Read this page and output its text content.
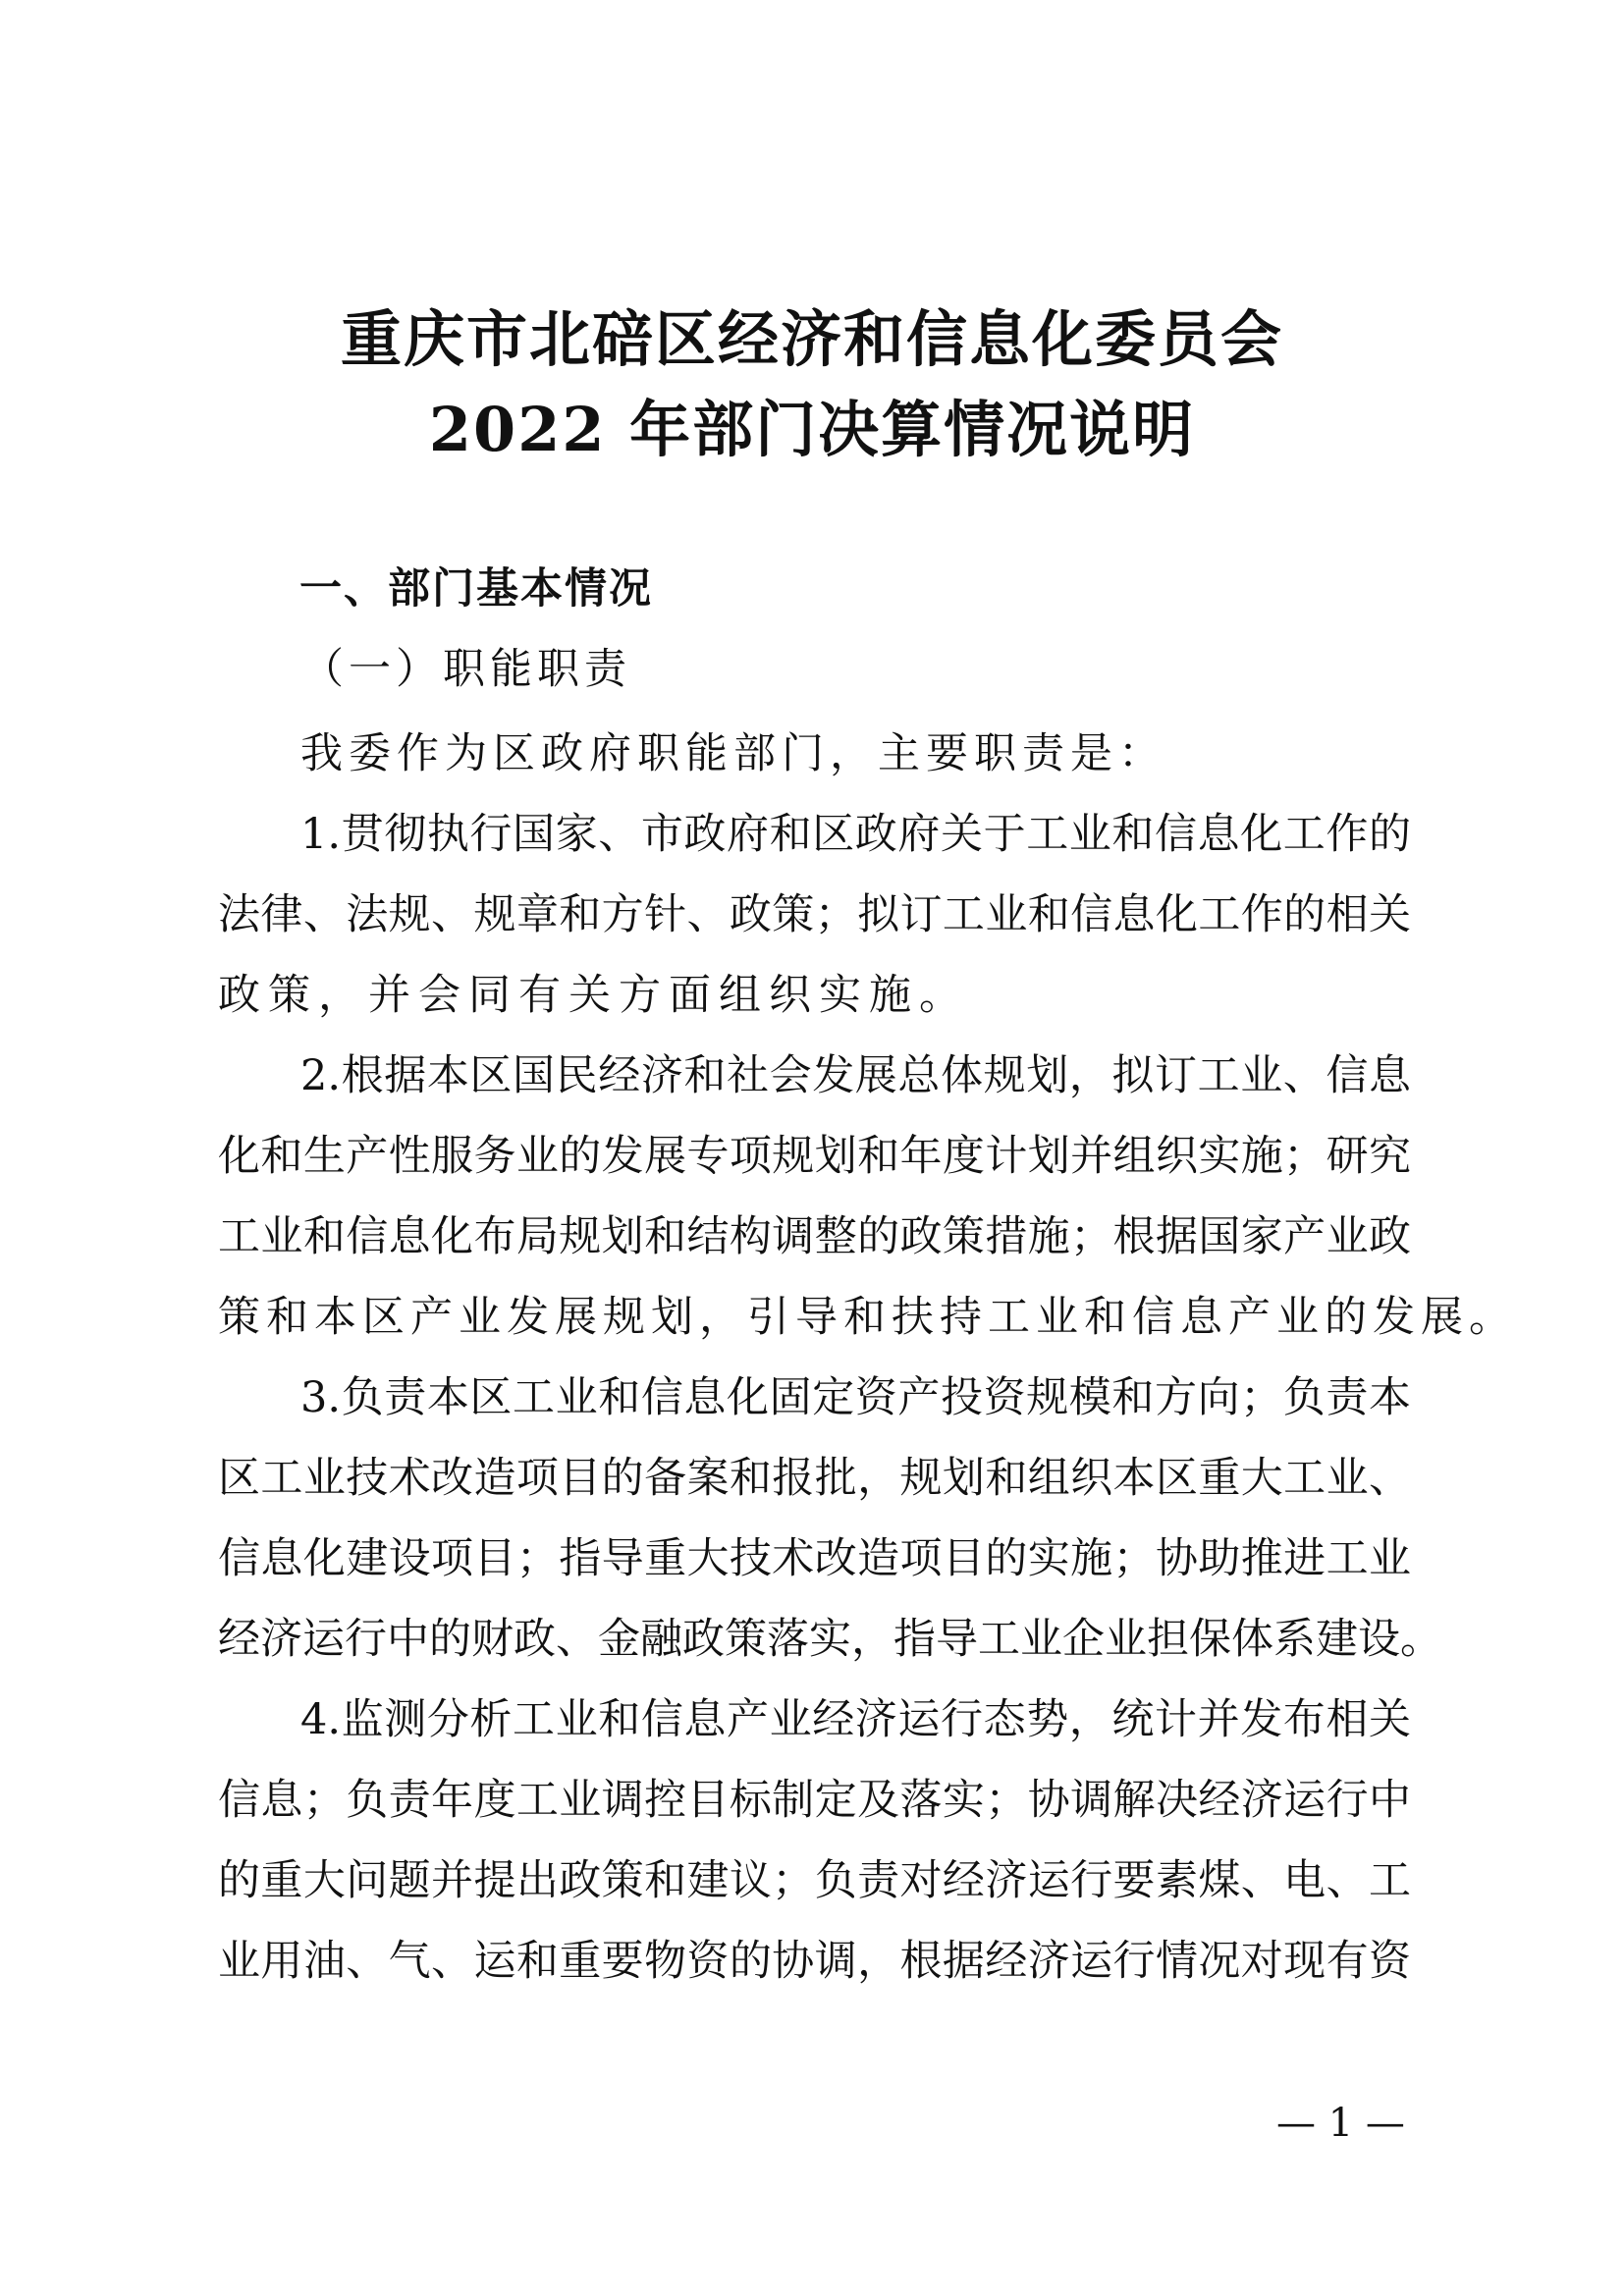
重庆市北碚区经济和信息化委员会
2022 年部门决算情况说明
一、部门基本情况
（一）职能职责
我委作为区政府职能部门，主要职责是：
1.贯彻执行国家、市政府和区政府关于工业和信息化工作的
法律、法规、规章和方针、政策；拟订工业和信息化工作的相关
政策，并会同有关方面组织实施。
2.根据本区国民经济和社会发展总体规划，拟订工业、信息
化和生产性服务业的发展专项规划和年度计划并组织实施；研究
工业和信息化布局规划和结构调整的政策措施；根据国家产业政
策和本区产业发展规划，引导和扶持工业和信息产业的发展。
3.负责本区工业和信息化固定资产投资规模和方向；负责本
区工业技术改造项目的备案和报批，规划和组织本区重大工业、
信息化建设项目；指导重大技术改造项目的实施；协助推进工业
经济运行中的财政、金融政策落实，指导工业企业担保体系建设。
4.监测分析工业和信息产业经济运行态势，统计并发布相关
信息；负责年度工业调控目标制定及落实；协调解决经济运行中
的重大问题并提出政策和建议；负责对经济运行要素煤、电、工
业用油、气、运和重要物资的协调，根据经济运行情况对现有资
— 1 —
